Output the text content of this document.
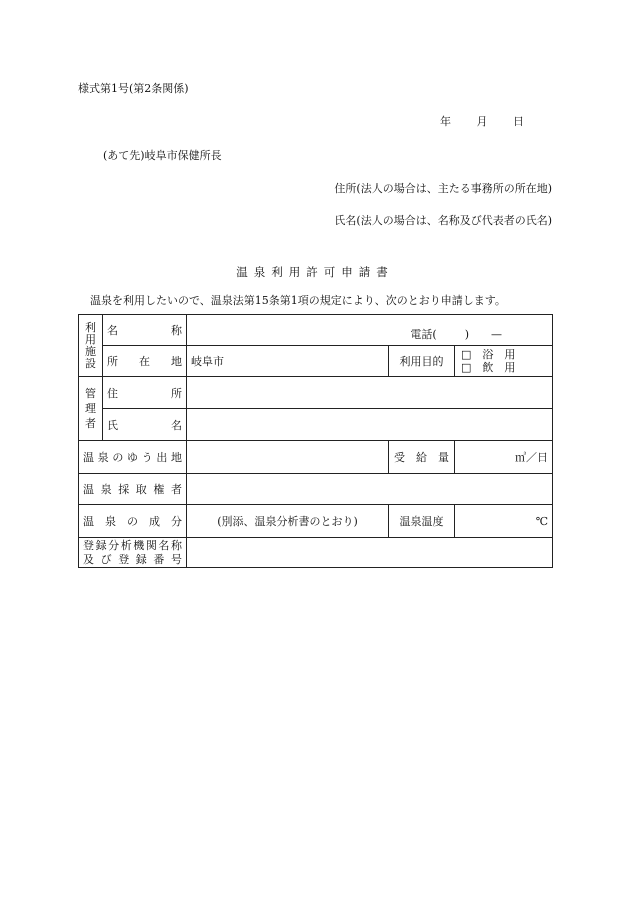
様式第1号(第2条関係)
年 月 日
(あて先)岐阜市保健所長
住所(法人の場合は、主たる事務所の所在地)
氏名(法人の場合は、名称及び代表者の氏名)
温泉利用許可申請書
温泉を利用したいので、温泉法第15条第1項の規定により、次のとおり申請します。
利
用
施
設	名　　　称	電話( ) —		
	所　在　地	岐阜市	利用目的	□　浴　用
□　飲　用

管
理
者	住　　　所			
	氏　　　名			
温泉のゆう出地			受　給　量	㎥／日
温泉採取権者				
温泉の成分		(別添、温泉分析書のとおり)	温泉温度	℃

登録分析機関名称
及び登録番号				
